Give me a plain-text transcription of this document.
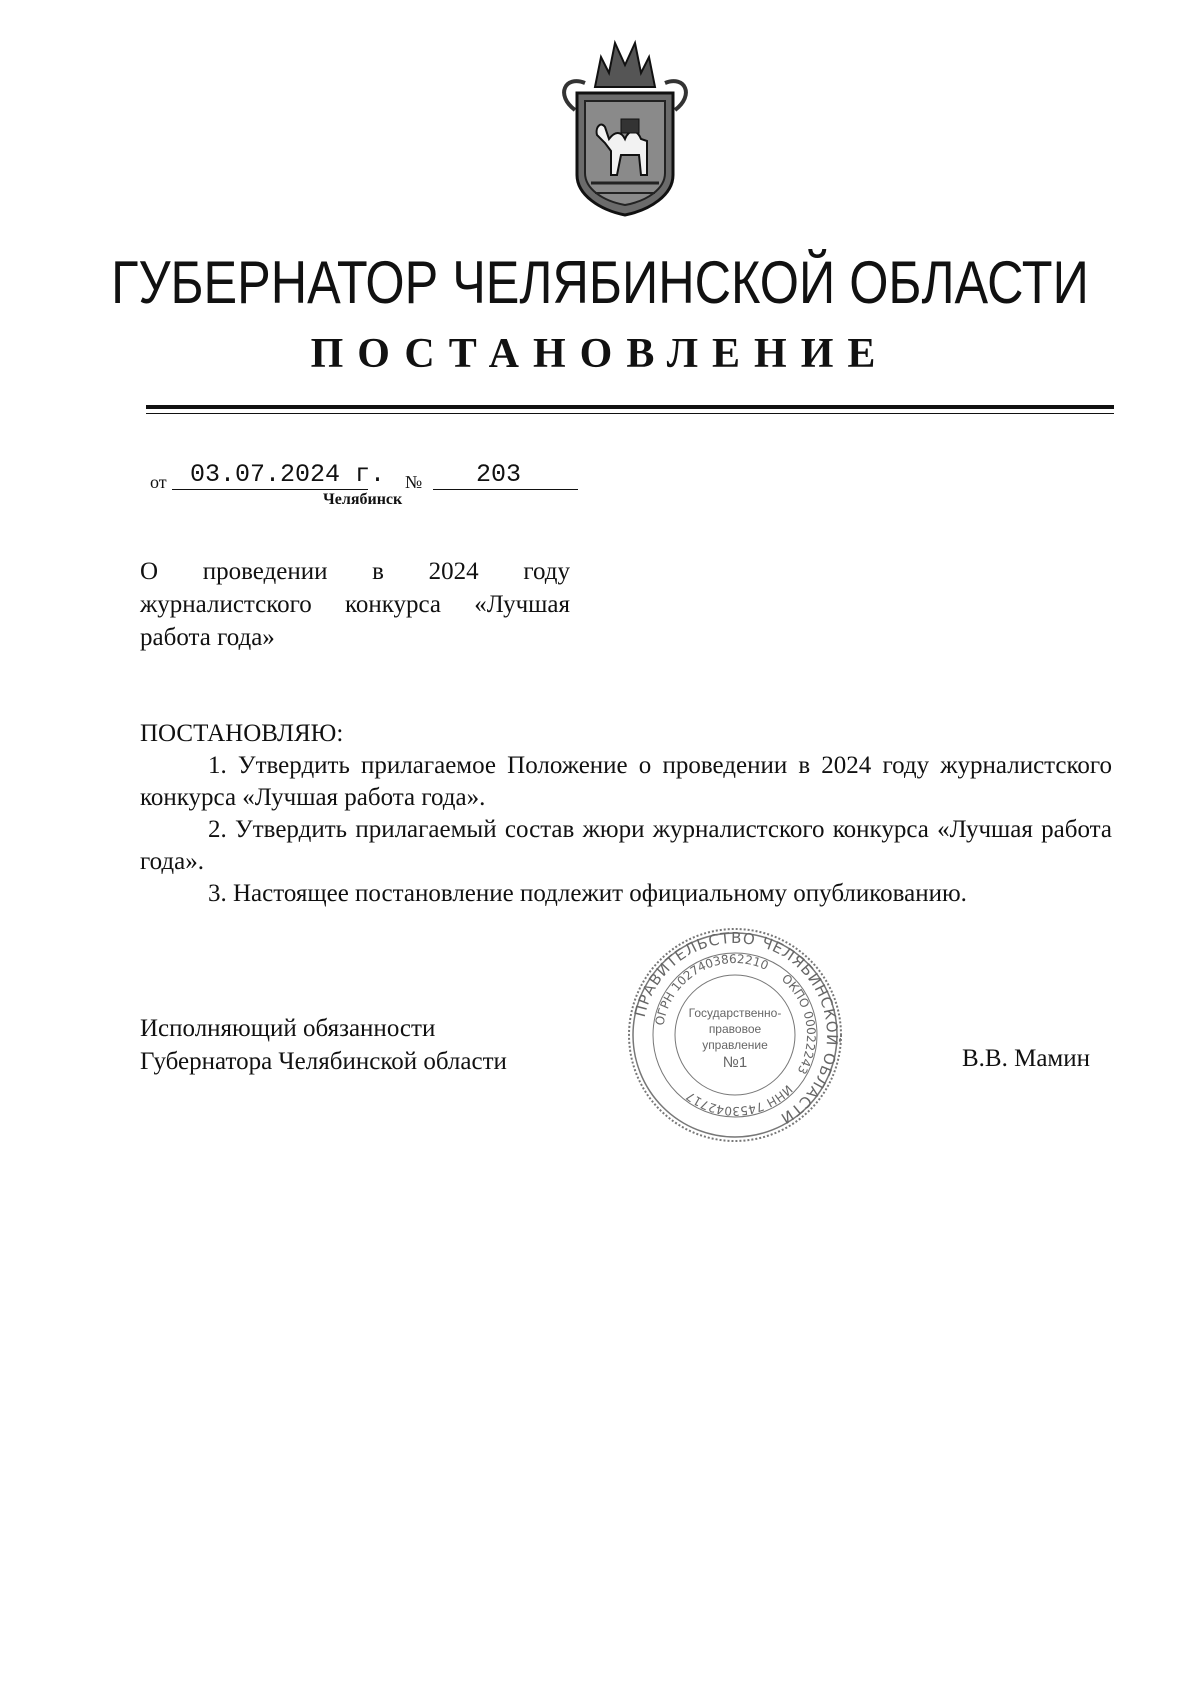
ГУБЕРНАТОР ЧЕЛЯБИНСКОЙ ОБЛАСТИ
ПОСТАНОВЛЕНИЕ
от 03.07.2024 г. № 203
Челябинск
О проведении в 2024 году журналистского конкурса «Лучшая работа года»
ПОСТАНОВЛЯЮ:

1. Утвердить прилагаемое Положение о проведении в 2024 году журналистского конкурса «Лучшая работа года».

2. Утвердить прилагаемый состав жюри журналистского конкурса «Лучшая работа года».

3. Настоящее постановление подлежит официальному опубликованию.

Исполняющий обязанности
Губернатора Челябинской области	В.В. Мамин
ПРАВИТЕЛЬСТВО ЧЕЛЯБИНСКОЙ ОБЛАСТИ
ОГРН 1027403862210
ОКПО 00022243
ИНН 7453042717
Государственно-
правовое
управление
№1
